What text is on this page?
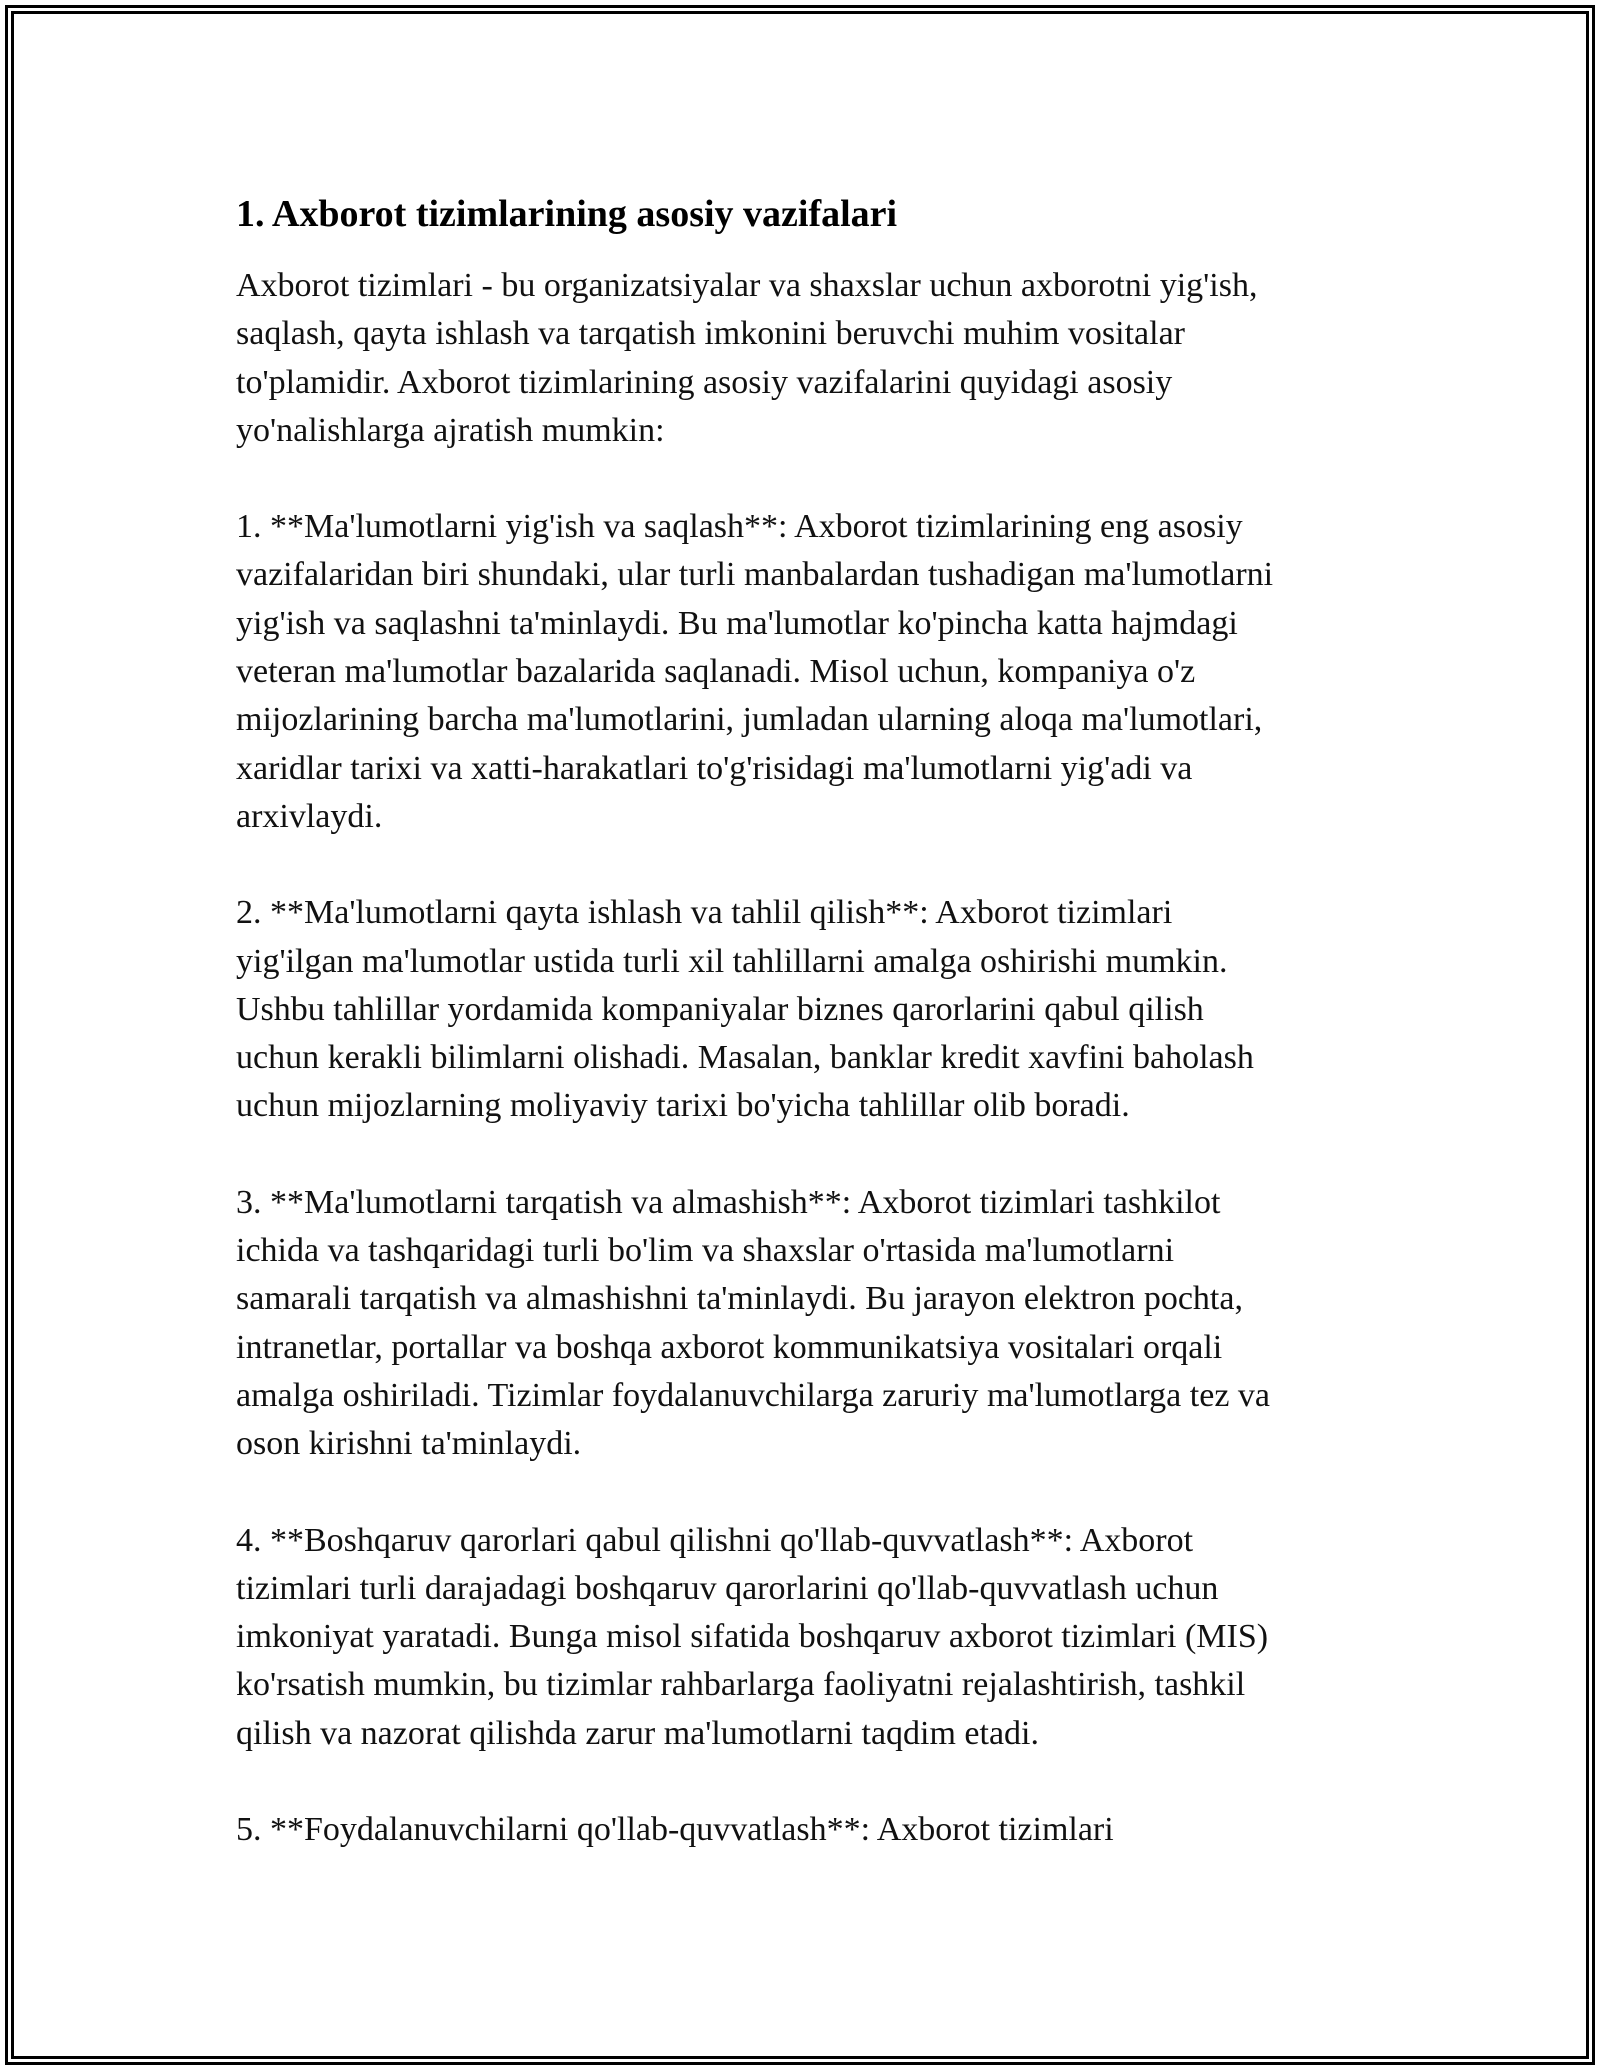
1. Axborot tizimlarining asosiy vazifalari

Axborot tizimlari - bu organizatsiyalar va shaxslar uchun axborotni yig'ish,
saqlash, qayta ishlash va tarqatish imkonini beruvchi muhim vositalar
to'plamidir. Axborot tizimlarining asosiy vazifalarini quyidagi asosiy
yo'nalishlarga ajratish mumkin:

1. **Ma'lumotlarni yig'ish va saqlash**: Axborot tizimlarining eng asosiy
vazifalaridan biri shundaki, ular turli manbalardan tushadigan ma'lumotlarni
yig'ish va saqlashni ta'minlaydi. Bu ma'lumotlar ko'pincha katta hajmdagi
veteran ma'lumotlar bazalarida saqlanadi. Misol uchun, kompaniya o'z
mijozlarining barcha ma'lumotlarini, jumladan ularning aloqa ma'lumotlari,
xaridlar tarixi va xatti-harakatlari to'g'risidagi ma'lumotlarni yig'adi va
arxivlaydi.

2. **Ma'lumotlarni qayta ishlash va tahlil qilish**: Axborot tizimlari
yig'ilgan ma'lumotlar ustida turli xil tahlillarni amalga oshirishi mumkin.
Ushbu tahlillar yordamida kompaniyalar biznes qarorlarini qabul qilish
uchun kerakli bilimlarni olishadi. Masalan, banklar kredit xavfini baholash
uchun mijozlarning moliyaviy tarixi bo'yicha tahlillar olib boradi.

3. **Ma'lumotlarni tarqatish va almashish**: Axborot tizimlari tashkilot
ichida va tashqaridagi turli bo'lim va shaxslar o'rtasida ma'lumotlarni
samarali tarqatish va almashishni ta'minlaydi. Bu jarayon elektron pochta,
intranetlar, portallar va boshqa axborot kommunikatsiya vositalari orqali
amalga oshiriladi. Tizimlar foydalanuvchilarga zaruriy ma'lumotlarga tez va
oson kirishni ta'minlaydi.

4. **Boshqaruv qarorlari qabul qilishni qo'llab-quvvatlash**: Axborot
tizimlari turli darajadagi boshqaruv qarorlarini qo'llab-quvvatlash uchun
imkoniyat yaratadi. Bunga misol sifatida boshqaruv axborot tizimlari (MIS)
ko'rsatish mumkin, bu tizimlar rahbarlarga faoliyatni rejalashtirish, tashkil
qilish va nazorat qilishda zarur ma'lumotlarni taqdim etadi.

5. **Foydalanuvchilarni qo'llab-quvvatlash**: Axborot tizimlari
